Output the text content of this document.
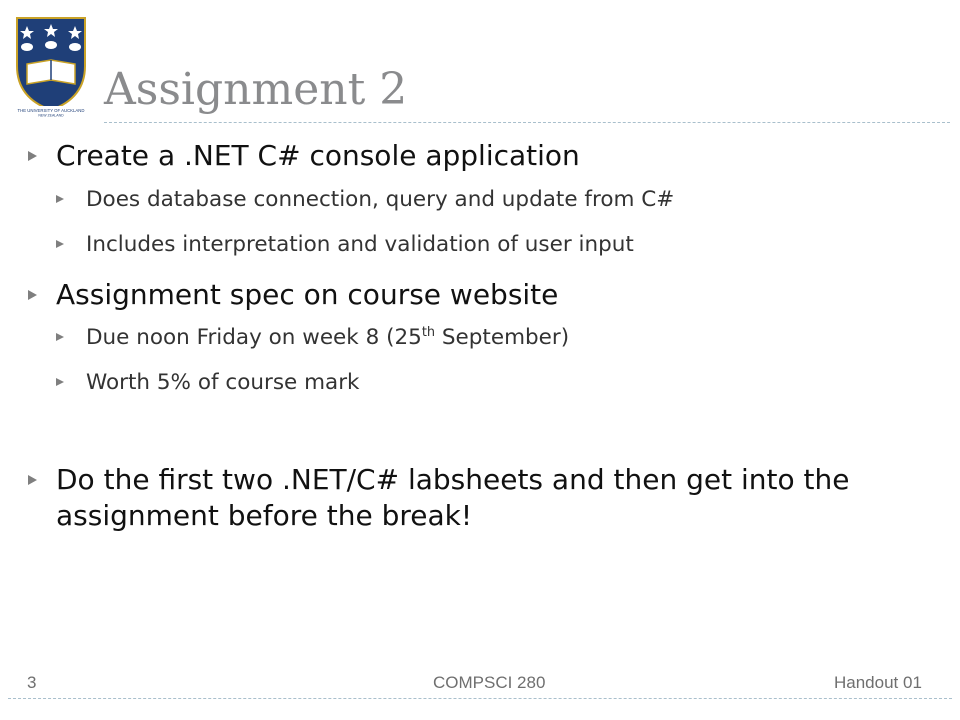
THE UNIVERSITY OF AUCKLAND
NEW ZEALAND
Assignment 2
Create a .NET C# console application
Does database connection, query and update from C#
Includes interpretation and validation of user input
Assignment spec on course website
Due noon Friday on week 8 (25th September)
Worth 5% of course mark
Do the first two .NET/C# labsheets and then get into the assignment before the break!
3	COMPSCI 280	Handout 01
